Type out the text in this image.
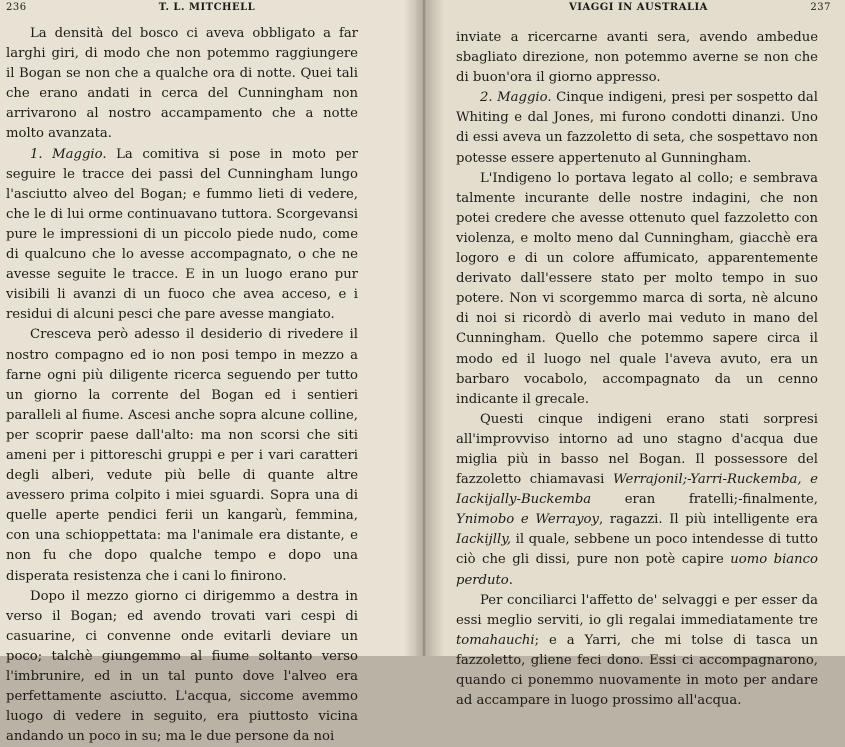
236	T. L. MITCHELL

La densità del bosco ci aveva obbligato a far larghi giri, di modo che non potemmo raggiungere il Bogan se non che a qualche ora di notte. Quei tali che erano andati in cerca del Cunningham non arrivarono al nostro accampamento che a notte molto avanzata.

1. Maggio. La comitiva si pose in moto per seguire le tracce dei passi del Cunningham lungo l'asciutto alveo del Bogan; e fummo lieti di vedere, che le di lui orme continuavano tuttora. Scorgevansi pure le impressioni di un piccolo piede nudo, come di qualcuno che lo avesse accompagnato, o che ne avesse seguite le tracce. E in un luogo erano pur visibili li avanzi di un fuoco che avea acceso, e i residui di alcuni pesci che pare avesse mangiato.

Cresceva però adesso il desiderio di rivedere il nostro compagno ed io non posi tempo in mezzo a farne ogni più diligente ricerca seguendo per tutto un giorno la corrente del Bogan ed i sentieri paralleli al fiume. Ascesi anche sopra alcune colline, per scoprir paese dall'alto: ma non scorsi che siti ameni per i pittoreschi gruppi e per i vari caratteri degli alberi, vedute più belle di quante altre avessero prima colpito i miei sguardi. Sopra una di quelle aperte pendici ferii un kangarù, femmina, con una schioppettata: ma l'animale era distante, e non fu che dopo qualche tempo e dopo una disperata resistenza che i cani lo finirono.

Dopo il mezzo giorno ci dirigemmo a destra in verso il Bogan; ed avendo trovati vari cespi di casuarine, ci convenne onde evitarli deviare un poco; talchè giungemmo al fiume soltanto verso l'imbrunire, ed in un tal punto dove l'alveo era perfettamente asciutto. L'acqua, siccome avemmo luogo di vedere in seguito, era piuttosto vicina andando un poco in su; ma le due persone da noi

VIAGGI IN AUSTRALIA	237

inviate a ricercarne avanti sera, avendo ambedue sbagliato direzione, non potemmo averne se non che di buon'ora il giorno appresso.

2. Maggio. Cinque indigeni, presi per sospetto dal Whiting e dal Jones, mi furono condotti dinanzi. Uno di essi aveva un fazzoletto di seta, che sospettavo non potesse essere appertenuto al Gunningham.

L'Indigeno lo portava legato al collo; e sembrava talmente incurante delle nostre indagini, che non potei credere che avesse ottenuto quel fazzoletto con violenza, e molto meno dal Cunningham, giacchè era logoro e di un colore affumicato, apparentemente derivato dall'essere stato per molto tempo in suo potere. Non vi scorgemmo marca di sorta, nè alcuno di noi si ricordò di averlo mai veduto in mano del Cunningham. Quello che potemmo sapere circa il modo ed il luogo nel quale l'aveva avuto, era un barbaro vocabolo, accompagnato da un cenno indicante il grecale.

Questi cinque indigeni erano stati sorpresi all'improvviso intorno ad uno stagno d'acqua due miglia più in basso nel Bogan. Il possessore del fazzoletto chiamavasi Werrajonil;-Yarri-Ruckemba, e Iackijally-Buckemba eran fratelli;-finalmente, Ynimobo e Werrayoy, ragazzi. Il più intelligente era Iackijlly, il quale, sebbene un poco intendesse di tutto ciò che gli dissi, pure non potè capire uomo bianco perduto.

Per conciliarci l'affetto de' selvaggi e per esser da essi meglio serviti, io gli regalai immediatamente tre tomahauchi; e a Yarri, che mi tolse di tasca un fazzoletto, gliene feci dono. Essi ci accompagnarono, quando ci ponemmo nuovamente in moto per andare ad accampare in luogo prossimo all'acqua.
